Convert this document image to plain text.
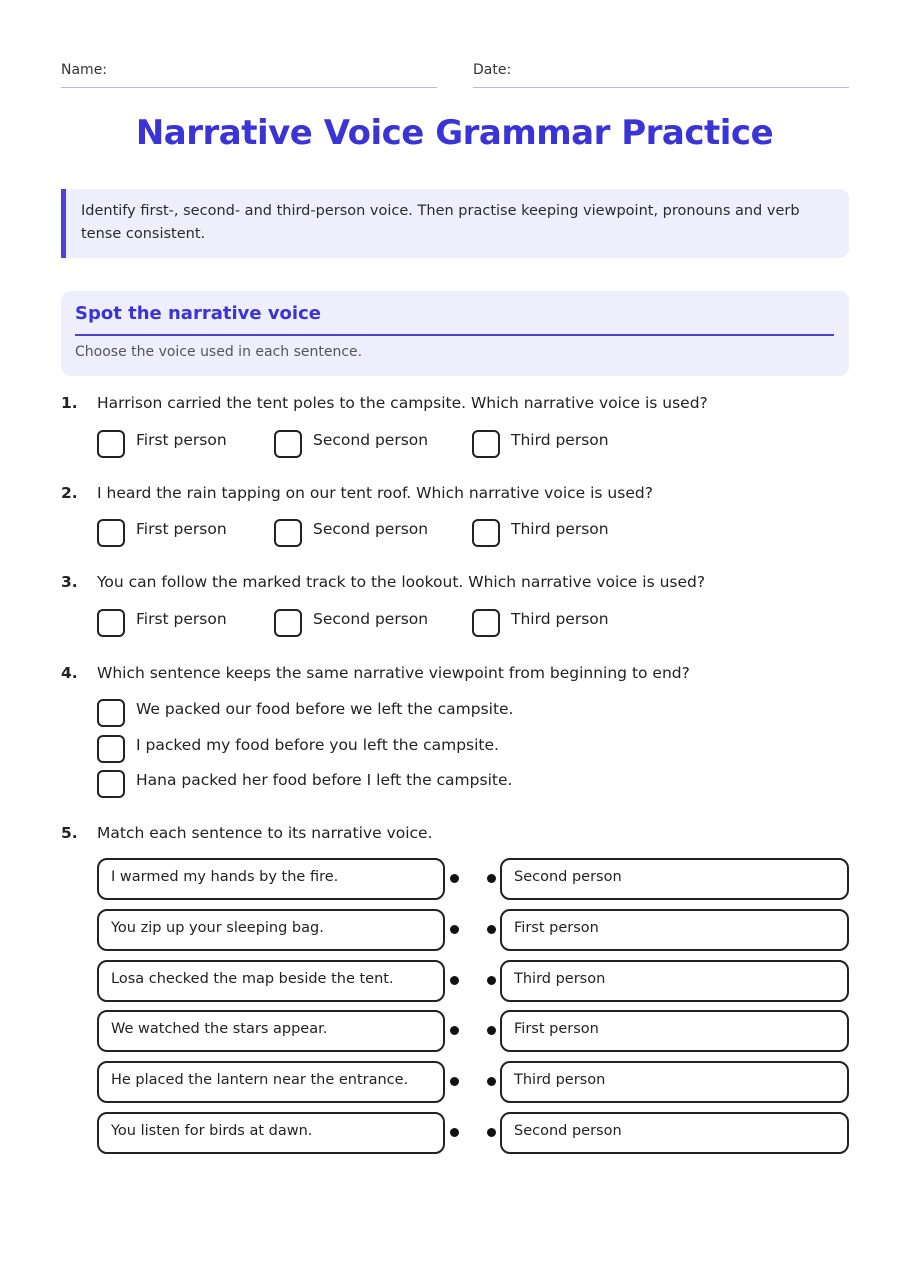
Name:	Date:
Narrative Voice Grammar Practice
Identify first-, second- and third-person voice. Then practise keeping viewpoint, pronouns and verb tense consistent.
Spot the narrative voice
Choose the voice used in each sentence.
1. Harrison carried the tent poles to the campsite. Which narrative voice is used?
First person	Second person	Third person
2. I heard the rain tapping on our tent roof. Which narrative voice is used?
First person	Second person	Third person
3. You can follow the marked track to the lookout. Which narrative voice is used?
First person	Second person	Third person
4. Which sentence keeps the same narrative viewpoint from beginning to end?
We packed our food before we left the campsite.
I packed my food before you left the campsite.
Hana packed her food before I left the campsite.
5. Match each sentence to its narrative voice.
I warmed my hands by the fire.	Second person
You zip up your sleeping bag.	First person
Losa checked the map beside the tent.	Third person
We watched the stars appear.	First person
He placed the lantern near the entrance.	Third person
You listen for birds at dawn.	Second person
